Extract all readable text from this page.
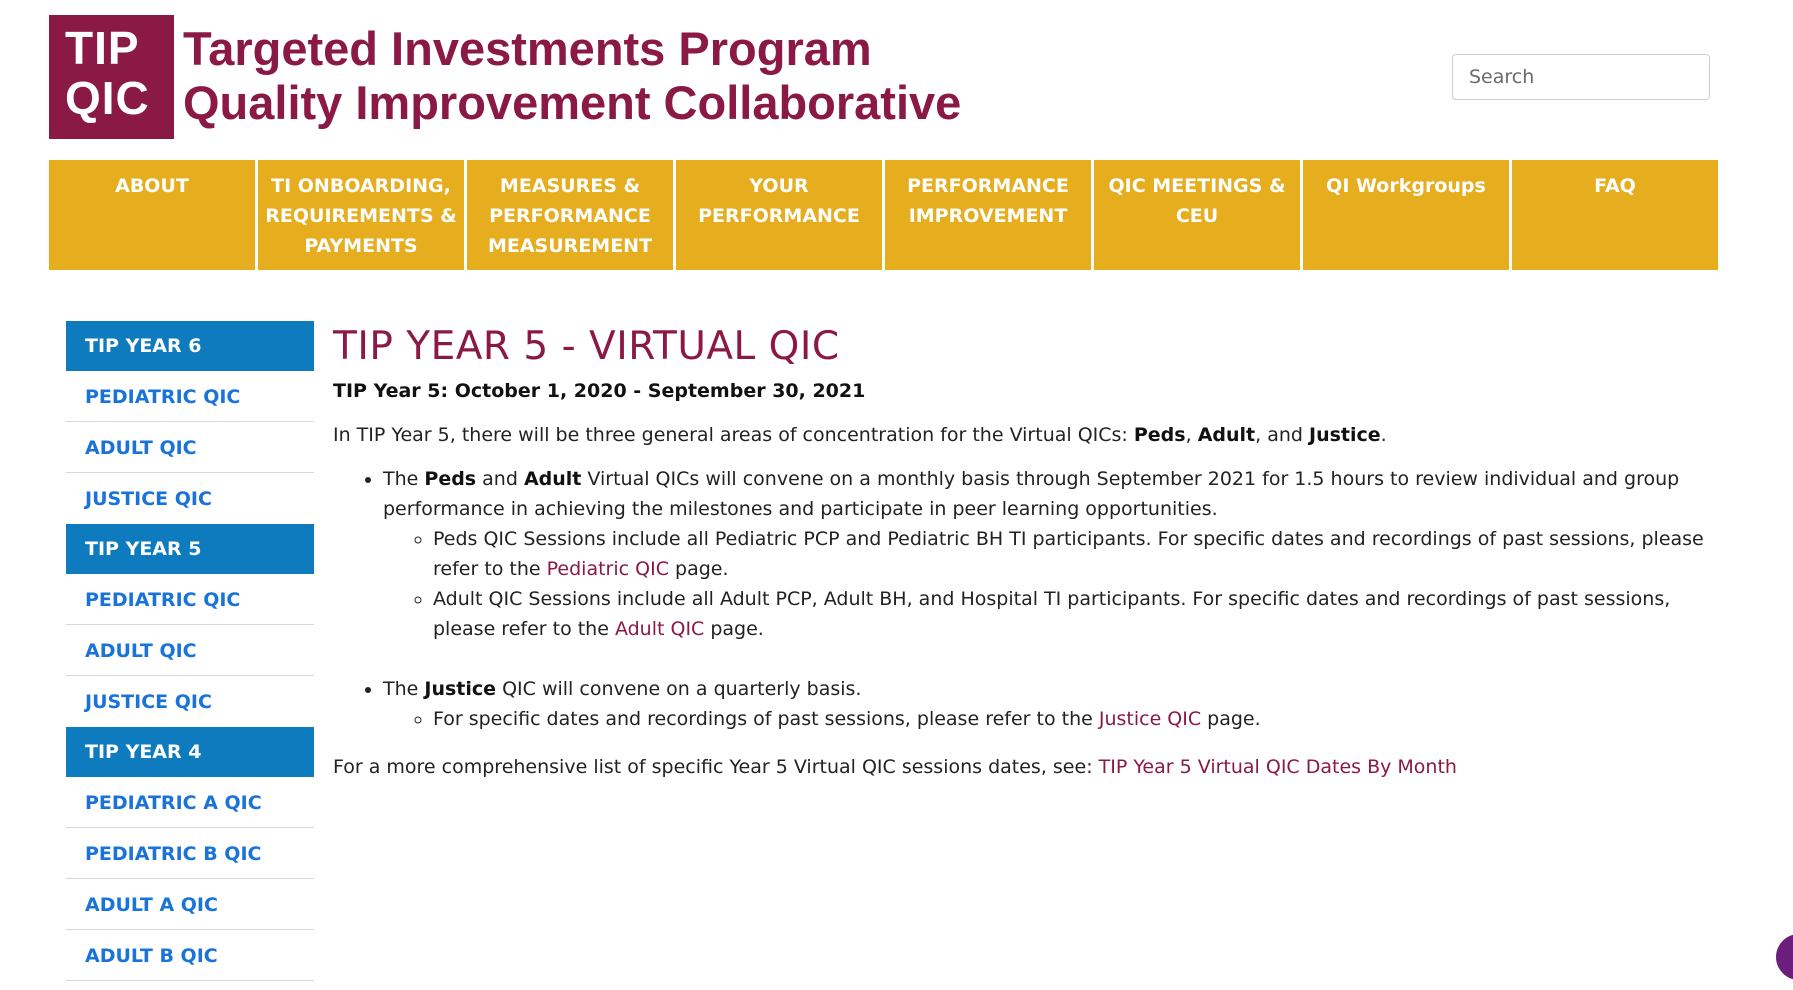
TIP
QIC
Targeted Investments Program
Quality Improvement Collaborative
Search
ABOUT	TI ONBOARDING, REQUIREMENTS & PAYMENTS
MEASURES & PERFORMANCE MEASUREMENT
YOUR PERFORMANCE
PERFORMANCE IMPROVEMENT
QIC MEETINGS & CEU
QI Workgroups	FAQ
TIP YEAR 6
PEDIATRIC QIC
ADULT QIC
JUSTICE QIC
TIP YEAR 5
PEDIATRIC QIC
ADULT QIC
JUSTICE QIC
TIP YEAR 4
PEDIATRIC A QIC
PEDIATRIC B QIC
ADULT A QIC
ADULT B QIC
TIP YEAR 5 - VIRTUAL QIC
TIP Year 5: October 1, 2020 - September 30, 2021

In TIP Year 5, there will be three general areas of concentration for the Virtual QICs: Peds, Adult, and Justice.

• The Peds and Adult Virtual QICs will convene on a monthly basis through September 2021 for 1.5 hours to review individual and group performance in achieving the milestones and participate in peer learning opportunities.
◦ Peds QIC Sessions include all Pediatric PCP and Pediatric BH TI participants. For specific dates and recordings of past sessions, please refer to the Pediatric QIC page.
◦ Adult QIC Sessions include all Adult PCP, Adult BH, and Hospital TI participants. For specific dates and recordings of past sessions, please refer to the Adult QIC page.
• The Justice QIC will convene on a quarterly basis.
◦ For specific dates and recordings of past sessions, please refer to the Justice QIC page.

For a more comprehensive list of specific Year 5 Virtual QIC sessions dates, see: TIP Year 5 Virtual QIC Dates By Month
